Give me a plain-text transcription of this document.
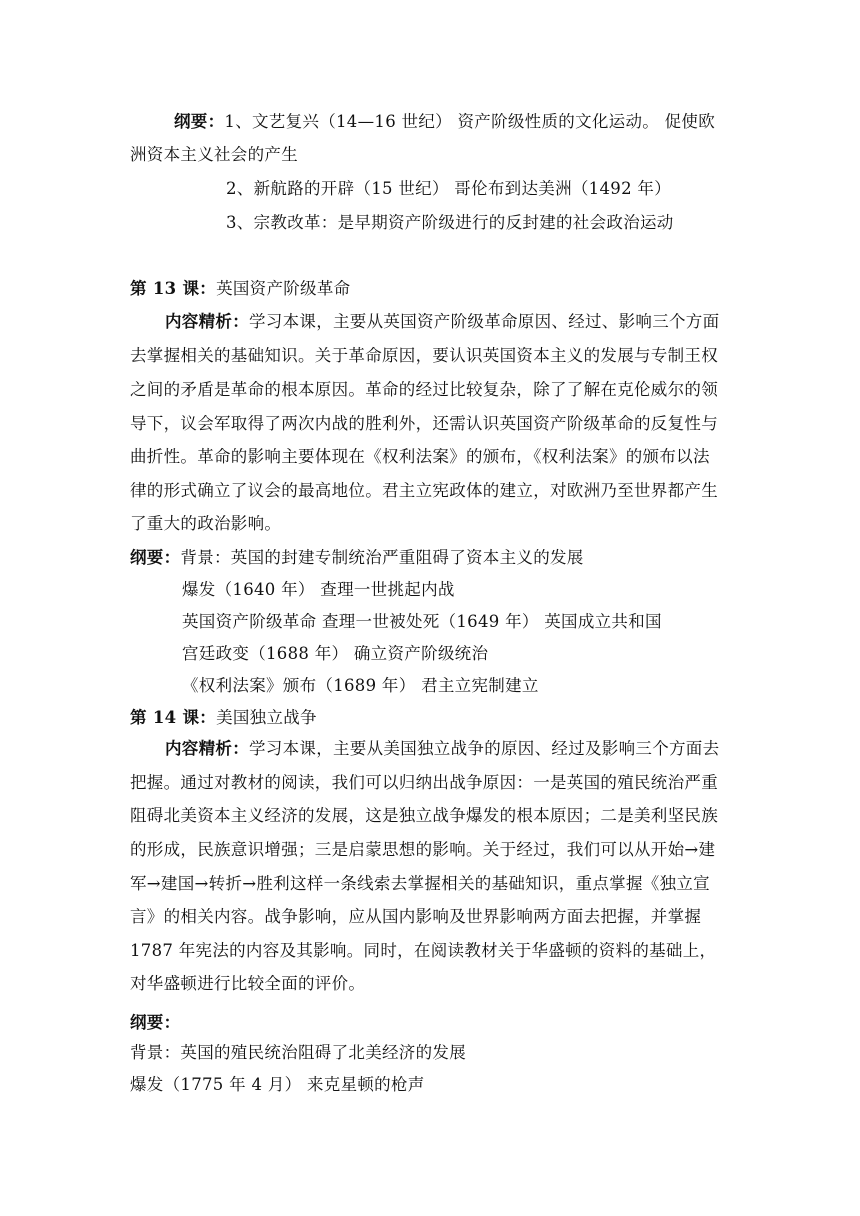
纲要：1、文艺复兴（14—16 世纪） 资产阶级性质的文化运动。 促使欧
洲资本主义社会的产生
2、新航路的开辟（15 世纪） 哥伦布到达美洲（1492 年）
3、宗教改革：是早期资产阶级进行的反封建的社会政治运动
第 13 课：英国资产阶级革命
内容精析：学习本课，主要从英国资产阶级革命原因、经过、影响三个方面
去掌握相关的基础知识。关于革命原因，要认识英国资本主义的发展与专制王权
之间的矛盾是革命的根本原因。革命的经过比较复杂，除了了解在克伦威尔的领
导下，议会军取得了两次内战的胜利外，还需认识英国资产阶级革命的反复性与
曲折性。革命的影响主要体现在《权利法案》的颁布，《权利法案》的颁布以法
律的形式确立了议会的最高地位。君主立宪政体的建立，对欧洲乃至世界都产生
了重大的政治影响。
纲要：背景：英国的封建专制统治严重阻碍了资本主义的发展
爆发（1640 年） 查理一世挑起内战
英国资产阶级革命 查理一世被处死（1649 年） 英国成立共和国
宫廷政变（1688 年） 确立资产阶级统治
《权利法案》颁布（1689 年） 君主立宪制建立
第 14 课：美国独立战争
内容精析：学习本课，主要从美国独立战争的原因、经过及影响三个方面去
把握。通过对教材的阅读，我们可以归纳出战争原因：一是英国的殖民统治严重
阻碍北美资本主义经济的发展，这是独立战争爆发的根本原因；二是美利坚民族
的形成，民族意识增强；三是启蒙思想的影响。关于经过，我们可以从开始→建
军→建国→转折→胜利这样一条线索去掌握相关的基础知识，重点掌握《独立宣
言》的相关内容。战争影响，应从国内影响及世界影响两方面去把握，并掌握
1787 年宪法的内容及其影响。同时，在阅读教材关于华盛顿的资料的基础上，
对华盛顿进行比较全面的评价。
纲要：
背景：英国的殖民统治阻碍了北美经济的发展
爆发（1775 年 4 月） 来克星顿的枪声
